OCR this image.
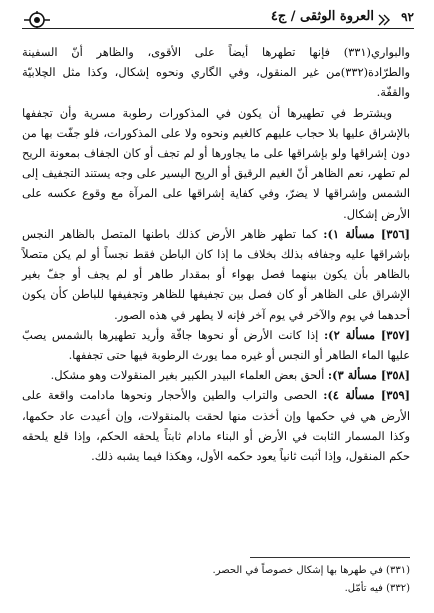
٩٢
العروة الوثقى / ج٤

والبواري(٣٣١) فإنها تطهرها أيضاً على الأقوى، والظاهر أنّ السفينة والطرّادة(٣٣٢)من غير المنقول، وفي الگاري ونحوه إشكال، وكذا مثل الچلابيّة والقفّة.

ويشترط في تطهيرها أن يكون في المذكورات رطوبة مسرية وأن تجففها بالإشراق عليها بلا حجاب عليهم كالغيم ونحوه ولا على المذكورات، فلو جفّت بها من دون إشراقها ولو بإشراقها على ما يجاورها أو لم تجف أو كان الجفاف بمعونة الريح لم تطهر، نعم الظاهر أنّ الغيم الرقيق أو الريح اليسير على وجه يستند التجفيف إلى الشمس وإشراقها لا يضرّ، وفي كفاية إشراقها على المرآة مع وقوع عكسه على الأرض إشكال.

[٣٥٦] مسألة ١): كما تطهر ظاهر الأرض كذلك باطنها المتصل بالظاهر النجس بإشراقها عليه وجفافه بذلك بخلاف ما إذا كان الباطن فقط نجساً أو لم يكن متصلاً بالظاهر بأن يكون بينهما فصل بهواء أو بمقدار طاهر أو لم يجف أو جفّ بغير الإشراق على الظاهر أو كان فصل بين تجفيفها للظاهر وتجفيفها للباطن كأن يكون أحدهما في يوم والآخر في يوم آخر فإنه لا يطهر في هذه الصور.

[٣٥٧] مسألة ٢): إذا كانت الأرض أو نحوها جافّة وأريد تطهيرها بالشمس يصبّ عليها الماء الطاهر أو النجس أو غيره مما يورث الرطوبة فيها حتى تجففها.

[٣٥٨] مسألة ٣): ألحق بعض العلماء البيدر الكبير بغير المنقولات وهو مشكل.

[٣٥٩] مسألة ٤): الحصى والتراب والطين والأحجار ونحوها مادامت واقعة على الأرض هي في حكمها وإن أخذت منها لحقت بالمنقولات، وإن أعيدت عاد حكمها، وكذا المسمار الثابت في الأرض أو البناء مادام ثابتاً يلحقه الحكم، وإذا قلع يلحقه حكم المنقول، وإذا أثبت ثانياً يعود حكمه الأول، وهكذا فيما يشبه ذلك.

(٣٣١) في طهرها بها إشكال خصوصاً في الحصر.

(٣٣٢) فيه تأمّل.
